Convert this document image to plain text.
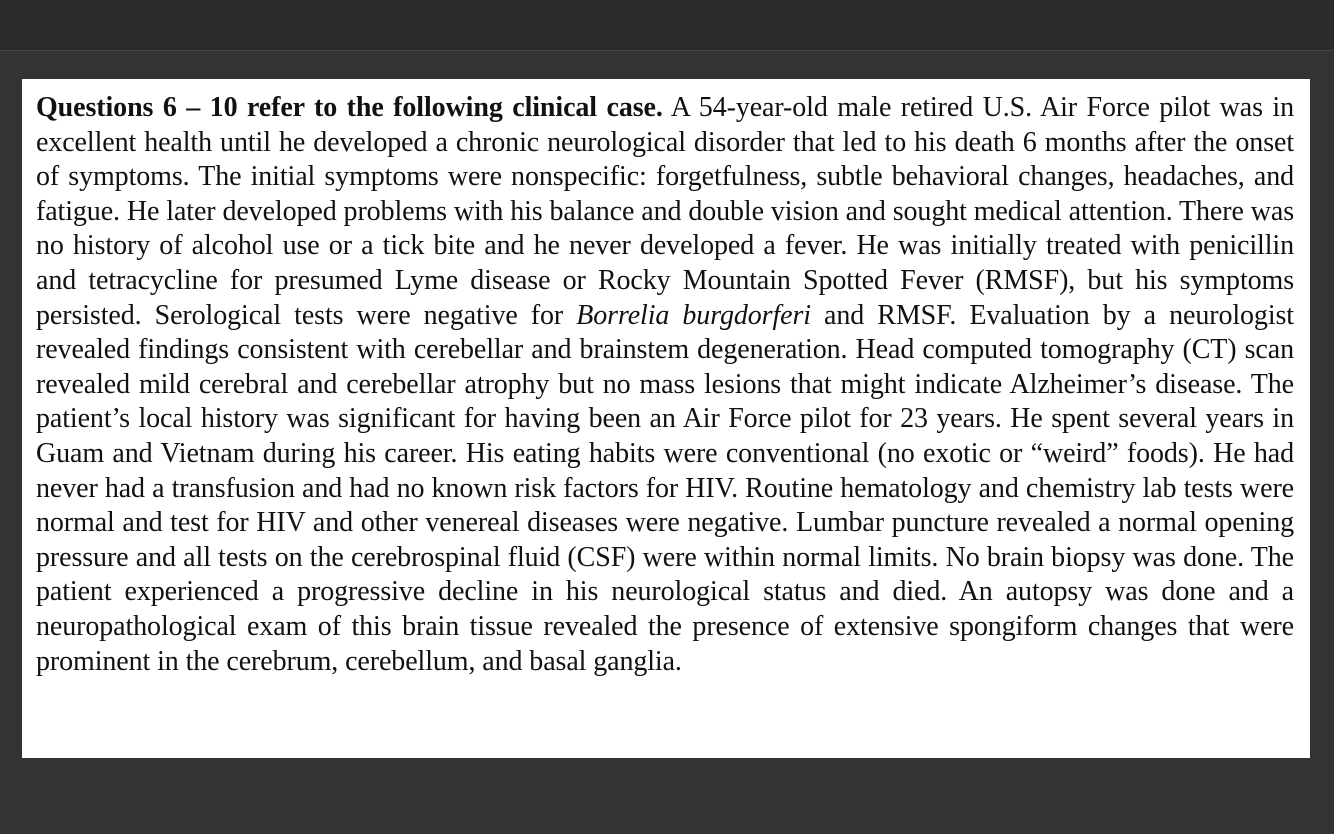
Questions 6 – 10 refer to the following clinical case. A 54-year-old male retired U.S. Air Force pilot was in excellent health until he developed a chronic neurological disorder that led to his death 6 months after the onset of symptoms. The initial symptoms were nonspecific: forgetfulness, subtle behavioral changes, headaches, and fatigue. He later developed problems with his balance and double vision and sought medical attention. There was no history of alcohol use or a tick bite and he never developed a fever. He was initially treated with penicillin and tetracycline for presumed Lyme disease or Rocky Mountain Spotted Fever (RMSF), but his symptoms persisted. Serological tests were negative for Borrelia burgdorferi and RMSF. Evaluation by a neurologist revealed findings consistent with cerebellar and brainstem degeneration. Head computed tomography (CT) scan revealed mild cerebral and cerebellar atrophy but no mass lesions that might indicate Alzheimer’s disease. The patient’s local history was significant for having been an Air Force pilot for 23 years. He spent several years in Guam and Vietnam during his career. His eating habits were conventional (no exotic or “weird” foods). He had never had a transfusion and had no known risk factors for HIV. Routine hematology and chemistry lab tests were normal and test for HIV and other venereal diseases were negative. Lumbar puncture revealed a normal opening pressure and all tests on the cerebrospinal fluid (CSF) were within normal limits. No brain biopsy was done. The patient experienced a progressive decline in his neurological status and died. An autopsy was done and a neuropathological exam of this brain tissue revealed the presence of extensive spongiform changes that were prominent in the cerebrum, cerebellum, and basal ganglia.
